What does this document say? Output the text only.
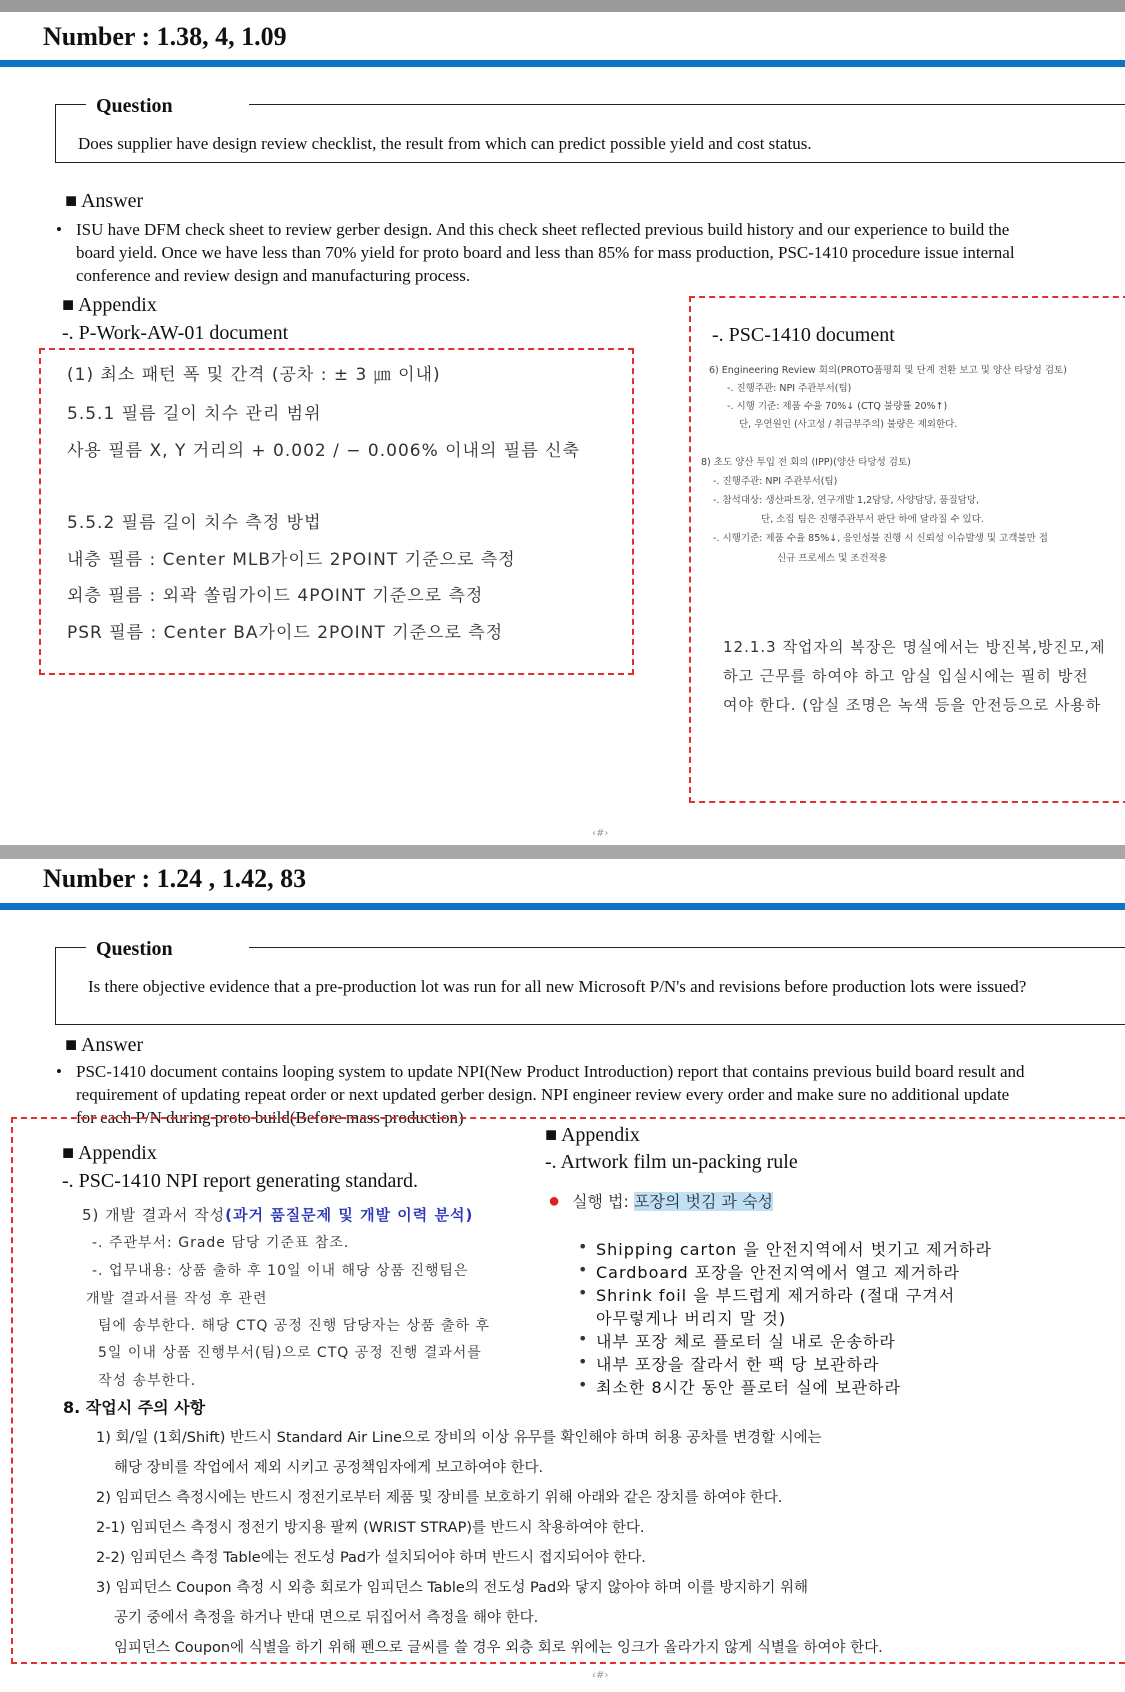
Number : 1.38, 4, 1.09
Question
Does supplier have design review checklist, the result from which can predict possible yield and cost status.
■ Answer
• ISU have DFM check sheet to review gerber design. And this check sheet reflected previous build history and our experience to build the
board yield. Once we have less than 70% yield for proto board and less than 85% for mass production, PSC-1410 procedure issue internal
conference and review design and manufacturing process.
■ Appendix
-. P-Work-AW-01 document
(1) 최소 패턴 폭 및 간격 (공차 : ± 3 ㎛ 이내)
5.5.1 필름 길이 치수 관리 범위
사용 필름 X, Y 거리의 + 0.002 / − 0.006% 이내의 필름 신축
5.5.2 필름 길이 치수 측정 방법
내층 필름 : Center MLB가이드 2POINT 기준으로 측정
외층 필름 : 외곽 쏠림가이드 4POINT 기준으로 측정
PSR 필름 : Center BA가이드 2POINT 기준으로 측정
-. PSC-1410 document
6) Engineering Review 회의(PROTO품평회 및 단계 전환 보고 및 양산 타당성 검토)
-. 진행주관: NPI 주관부서(팀)
-. 시행 기준: 제품 수율 70%↓ (CTQ 불량률 20%↑)
단, 우연원인 (사고성 / 취급부주의) 불량은 제외한다.
8) 초도 양산 투입 전 회의 (IPP)(양산 타당성 검토)
-. 진행주관: NPI 주관부서(팀)
-. 참석대상: 생산파트장, 연구개발 1,2담당, 사양담당, 품질담당,
단, 소집 팀은 진행주관부서 판단 하에 달라질 수 있다.
-. 시행기준: 제품 수율 85%↓, 응인성불 진행 시 신뢰성 이슈발생 및 고객불만 접
신규 프로세스 및 조건적용
12.1.3 작업자의 복장은 명실에서는 방진복,방진모,제
하고 근무를 하여야 하고 암실 입실시에는 필히 방전
여야 한다. (암실 조명은 녹색 등을 안전등으로 사용하
‹#›
Number : 1.24 , 1.42, 83
Question
Is there objective evidence that a pre-production lot was run for all new Microsoft P/N's and revisions before production lots were issued?
■ Answer
• PSC-1410 document contains looping system to update NPI(New Product Introduction) report that contains previous build board result and
requirement of updating repeat order or next updated gerber design. NPI engineer review every order and make sure no additional update
for each P/N during proto build(Before mass production)
■ Appendix
-. PSC-1410 NPI report generating standard.
5) 개발 결과서 작성(과거 품질문제 및 개발 이력 분석)
-. 주관부서: Grade 담당 기준표 참조.
-. 업무내용: 상품 출하 후 10일 이내 해당 상품 진행팀은
개발 결과서를 작성 후 관련
팀에 송부한다. 해당 CTQ 공정 진행 담당자는 상품 출하 후
5일 이내 상품 진행부서(팀)으로 CTQ 공정 진행 결과서를
작성 송부한다.
■ Appendix
-. Artwork film un-packing rule
● 실행 법: 포장의 벗김 과 숙성
• Shipping carton 을 안전지역에서 벗기고 제거하라
• Cardboard 포장을 안전지역에서 열고 제거하라
• Shrink foil 을 부드럽게 제거하라 (절대 구겨서
아무렇게나 버리지 말 것)
• 내부 포장 체로 플로터 실 내로 운송하라
• 내부 포장을 잘라서 한 팩 당 보관하라
• 최소한 8시간 동안 플로터 실에 보관하라
8. 작업시 주의 사항
1) 회/일 (1회/Shift) 반드시 Standard Air Line으로 장비의 이상 유무를 확인해야 하며 허용 공차를 변경할 시에는
해당 장비를 작업에서 제외 시키고 공정책임자에게 보고하여야 한다.
2) 임피던스 측정시에는 반드시 정전기로부터 제품 및 장비를 보호하기 위해 아래와 같은 장치를 하여야 한다.
2-1) 임피던스 측정시 정전기 방지용 팔찌 (WRIST STRAP)를 반드시 착용하여야 한다.
2-2) 임피던스 측정 Table에는 전도성 Pad가 설치되어야 하며 반드시 접지되어야 한다.
3) 임피던스 Coupon 측정 시 외층 회로가 임피던스 Table의 전도성 Pad와 닿지 않아야 하며 이를 방지하기 위해
공기 중에서 측정을 하거나 반대 면으로 뒤집어서 측정을 해야 한다.
임피던스 Coupon에 식별을 하기 위해 펜으로 글씨를 쓸 경우 외층 회로 위에는 잉크가 올라가지 않게 식별을 하여야 한다.
‹#›
